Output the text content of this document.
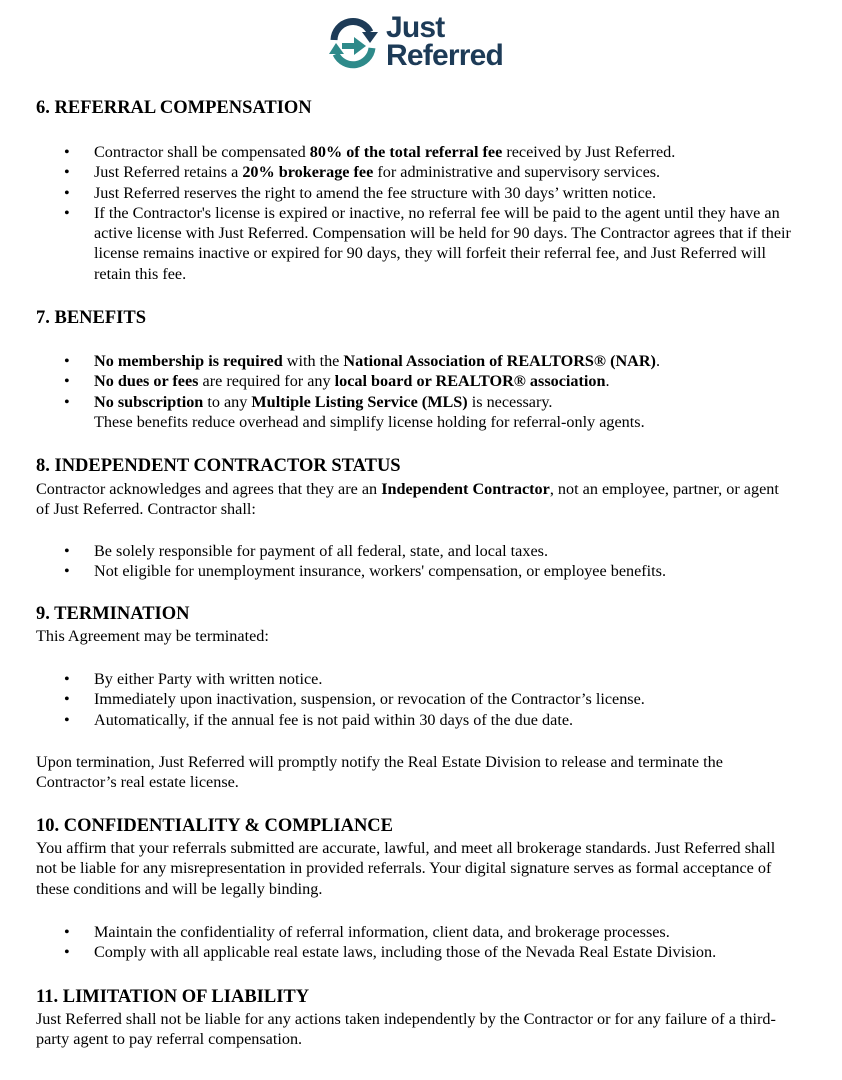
Just
Referred
6. REFERRAL COMPENSATION
• Contractor shall be compensated 80% of the total referral fee received by Just Referred.
• Just Referred retains a 20% brokerage fee for administrative and supervisory services.
• Just Referred reserves the right to amend the fee structure with 30 days’ written notice.
• If the Contractor's license is expired or inactive, no referral fee will be paid to the agent until they have an active license with Just Referred. Compensation will be held for 90 days. The Contractor agrees that if their license remains inactive or expired for 90 days, they will forfeit their referral fee, and Just Referred will retain this fee.
7. BENEFITS
• No membership is required with the National Association of REALTORS® (NAR).
• No dues or fees are required for any local board or REALTOR® association.
• No subscription to any Multiple Listing Service (MLS) is necessary.
These benefits reduce overhead and simplify license holding for referral-only agents.
8. INDEPENDENT CONTRACTOR STATUS

Contractor acknowledges and agrees that they are an Independent Contractor, not an employee, partner, or agent of Just Referred. Contractor shall:

• Be solely responsible for payment of all federal, state, and local taxes.
• Not eligible for unemployment insurance, workers' compensation, or employee benefits.
9. TERMINATION

This Agreement may be terminated:

• By either Party with written notice.
• Immediately upon inactivation, suspension, or revocation of the Contractor’s license.
• Automatically, if the annual fee is not paid within 30 days of the due date.

Upon termination, Just Referred will promptly notify the Real Estate Division to release and terminate the Contractor’s real estate license.

10. CONFIDENTIALITY & COMPLIANCE

You affirm that your referrals submitted are accurate, lawful, and meet all brokerage standards. Just Referred shall not be liable for any misrepresentation in provided referrals. Your digital signature serves as formal acceptance of these conditions and will be legally binding.

• Maintain the confidentiality of referral information, client data, and brokerage processes.
• Comply with all applicable real estate laws, including those of the Nevada Real Estate Division.
11. LIMITATION OF LIABILITY

Just Referred shall not be liable for any actions taken independently by the Contractor or for any failure of a third-party agent to pay referral compensation.
